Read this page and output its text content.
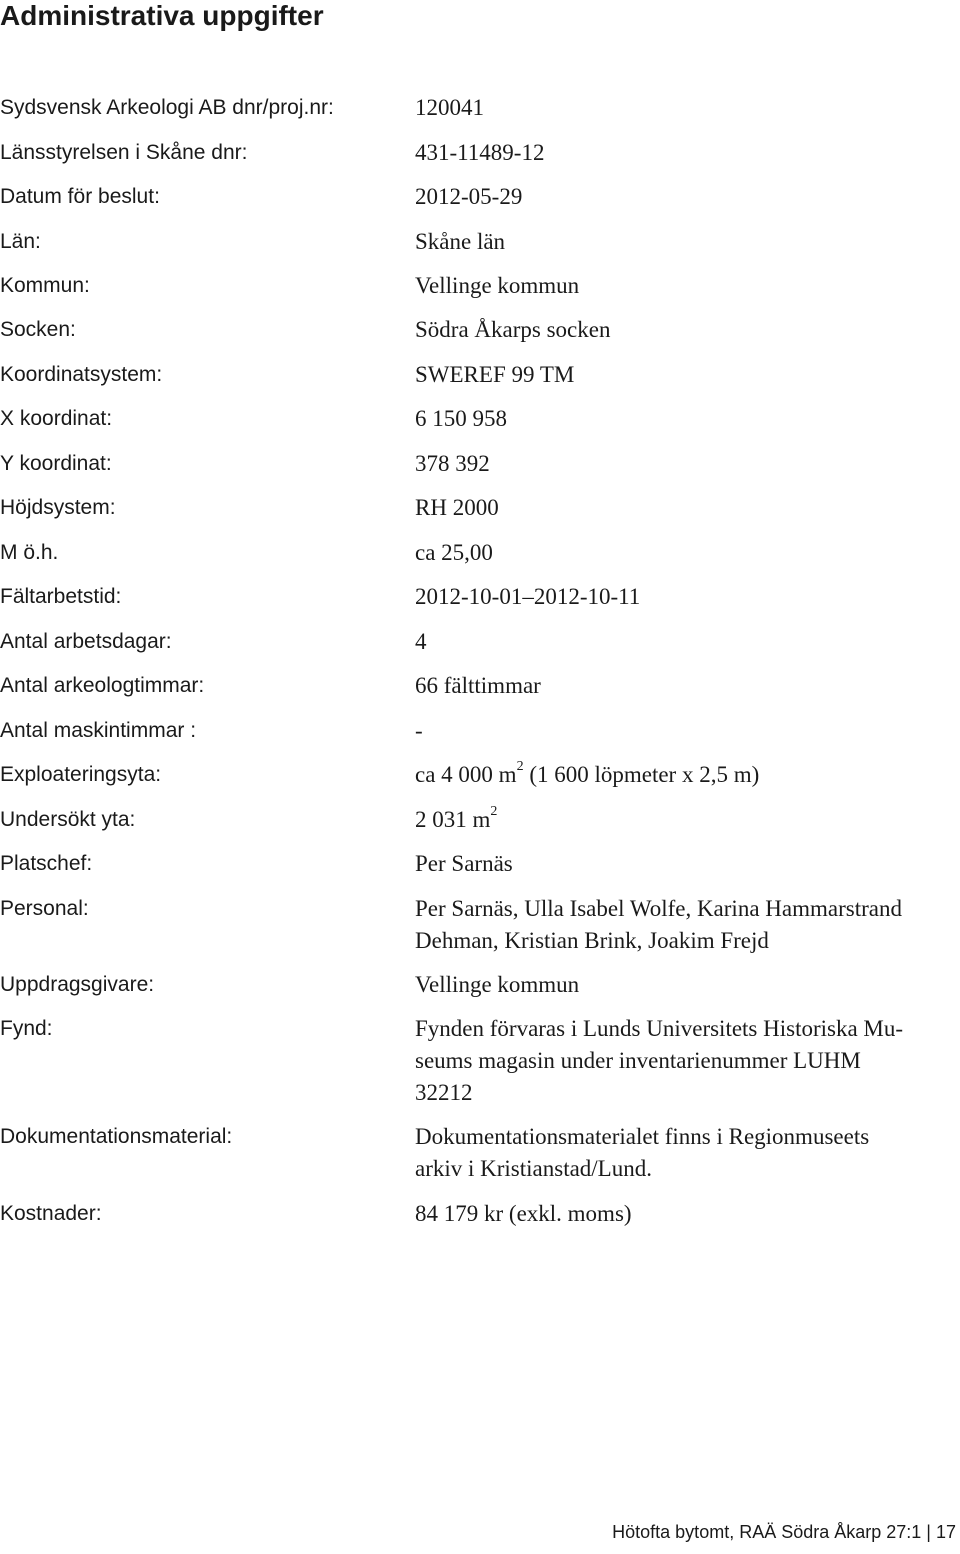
Administrativa uppgifter
Sydsvensk Arkeologi AB dnr/proj.nr:	120041
Länsstyrelsen i Skåne dnr:	431-11489-12
Datum för beslut:	2012-05-29
Län:	Skåne län
Kommun:	Vellinge kommun
Socken:	Södra Åkarps socken
Koordinatsystem:	SWEREF 99 TM
X koordinat:	6 150 958
Y koordinat:	378 392
Höjdsystem:	RH 2000
M ö.h.	ca 25,00
Fältarbetstid:	2012-10-01–2012-10-11
Antal arbetsdagar:	4
Antal arkeologtimmar:	66 fälttimmar
Antal maskintimmar :	-
Exploateringsyta:	ca 4 000 $m^2$ (1 600 löpmeter x 2,5 m)
Undersökt yta:	2 031 $m^2$
Platschef:	Per Sarnäs
Personal:	Per Sarnäs, Ulla Isabel Wolfe, Karina Hammarstrand
Dehman, Kristian Brink, Joakim Frejd
Uppdragsgivare:	Vellinge kommun
Fynd:	Fynden förvaras i Lunds Universitets Historiska Mu-
seums magasin under inventarienummer LUHM
32212
Dokumentationsmaterial:	Dokumentationsmaterialet finns i Regionmuseets
arkiv i Kristianstad/Lund.
Kostnader:	84 179 kr (exkl. moms)
Hötofta bytomt, RAÄ Södra Åkarp 27:1 | 17
